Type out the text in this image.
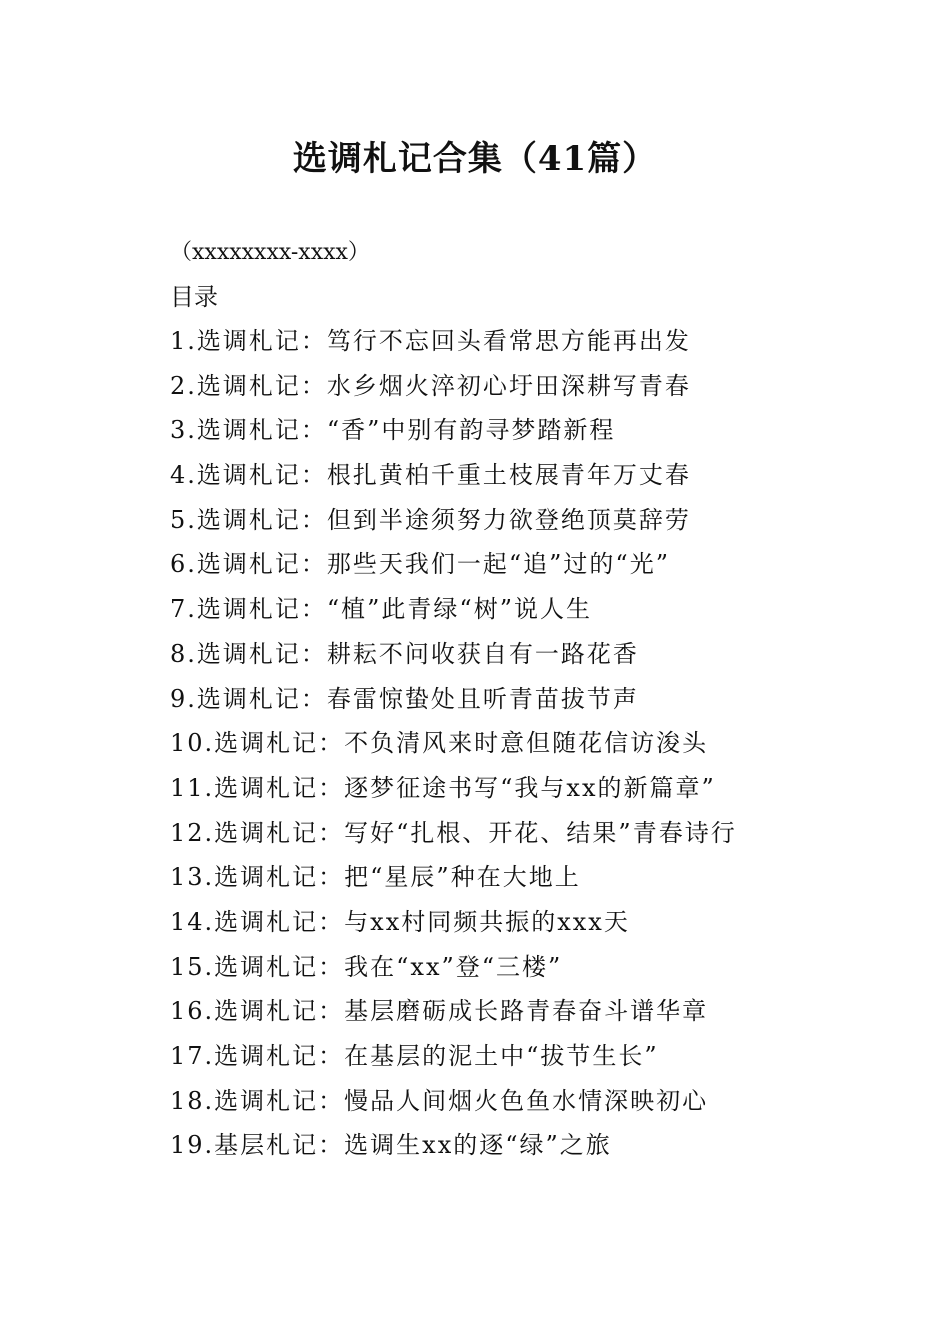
选调札记合集（41篇）
（xxxxxxxx-xxxx）
目录
1.选调札记：笃行不忘回头看常思方能再出发
2.选调札记：水乡烟火淬初心圩田深耕写青春
3.选调札记：“香”中别有韵寻梦踏新程
4.选调札记：根扎黄柏千重土枝展青年万丈春
5.选调札记：但到半途须努力欲登绝顶莫辞劳
6.选调札记：那些天我们一起“追”过的“光”
7.选调札记：“植”此青绿“树”说人生
8.选调札记：耕耘不问收获自有一路花香
9.选调札记：春雷惊蛰处且听青苗拔节声
10.选调札记：不负清风来时意但随花信访浚头
11.选调札记：逐梦征途书写“我与xx的新篇章”
12.选调札记：写好“扎根、开花、结果”青春诗行
13.选调札记：把“星辰”种在大地上
14.选调札记：与xx村同频共振的xxx天
15.选调札记：我在“xx”登“三楼”
16.选调札记：基层磨砺成长路青春奋斗谱华章
17.选调札记：在基层的泥土中“拔节生长”
18.选调札记：慢品人间烟火色鱼水情深映初心
19.基层札记：选调生xx的逐“绿”之旅
